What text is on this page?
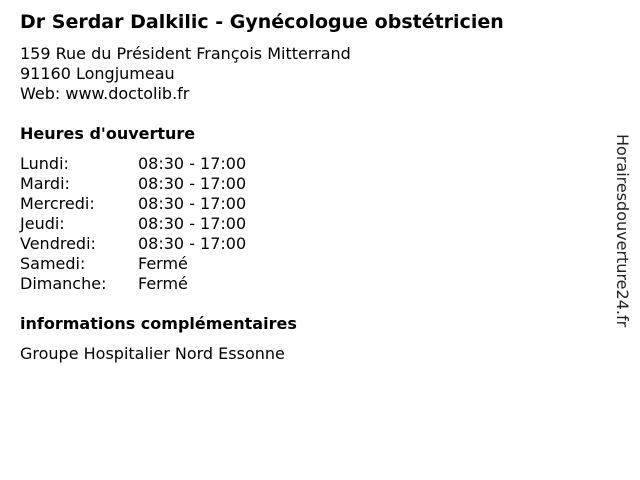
Dr Serdar Dalkilic - Gynécologue obstétricien
159 Rue du Président François Mitterrand
91160 Longjumeau
Web: www.doctolib.fr
Heures d'ouverture
Lundi:	08:30 - 17:00
Mardi:	08:30 - 17:00
Mercredi:	08:30 - 17:00
Jeudi:	08:30 - 17:00
Vendredi:	08:30 - 17:00
Samedi:	Fermé
Dimanche:	Fermé
informations complémentaires
Groupe Hospitalier Nord Essonne
Horairesdouverture24.fr
